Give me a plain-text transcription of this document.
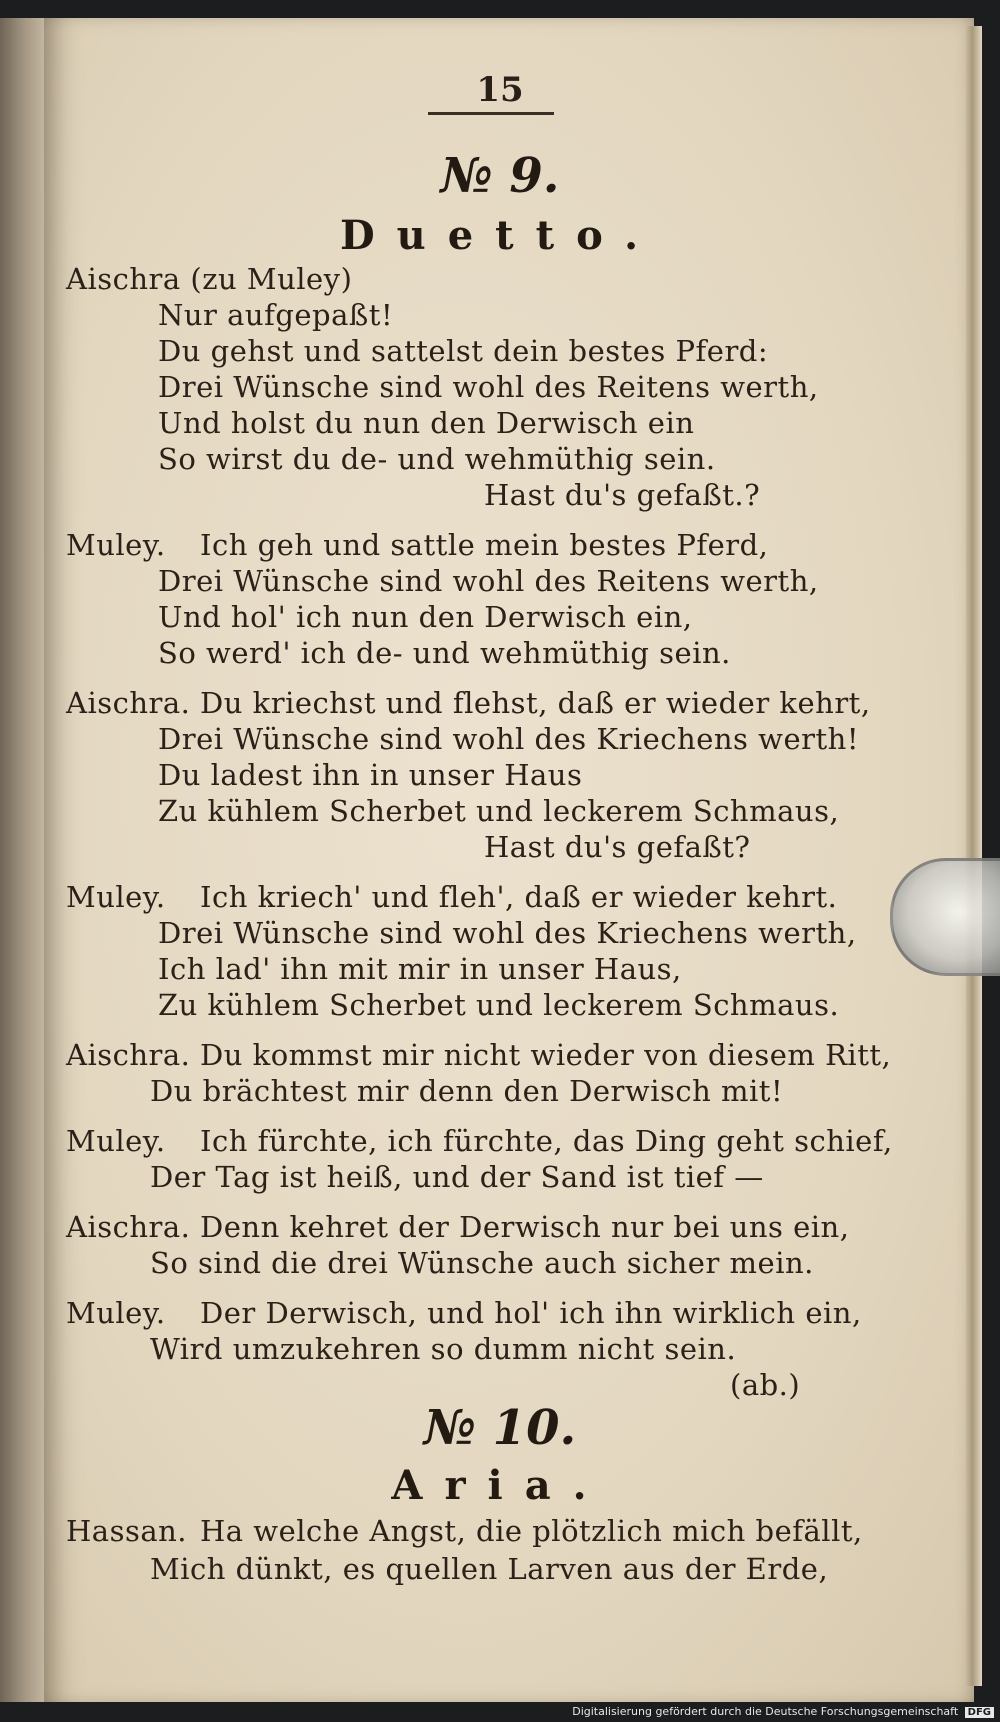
15
№ 9.
Duetto.
Aischra (zu Muley)
Nur aufgepaßt!
Du gehst und sattelst dein bestes Pferd:
Drei Wünsche sind wohl des Reitens werth,
Und holst du nun den Derwisch ein
So wirst du de- und wehmüthig sein.
Hast du's gefaßt.?
Muley. Ich geh und sattle mein bestes Pferd,
Drei Wünsche sind wohl des Reitens werth,
Und hol' ich nun den Derwisch ein,
So werd' ich de- und wehmüthig sein.
Aischra. Du kriechst und flehst, daß er wieder kehrt,
Drei Wünsche sind wohl des Kriechens werth!
Du ladest ihn in unser Haus
Zu kühlem Scherbet und leckerem Schmaus,
Hast du's gefaßt?
Muley. Ich kriech' und fleh', daß er wieder kehrt.
Drei Wünsche sind wohl des Kriechens werth,
Ich lad' ihn mit mir in unser Haus,
Zu kühlem Scherbet und leckerem Schmaus.
Aischra. Du kommst mir nicht wieder von diesem Ritt,
Du brächtest mir denn den Derwisch mit!
Muley. Ich fürchte, ich fürchte, das Ding geht schief,
Der Tag ist heiß, und der Sand ist tief —
Aischra. Denn kehret der Derwisch nur bei uns ein,
So sind die drei Wünsche auch sicher mein.
Muley. Der Derwisch, und hol' ich ihn wirklich ein,
Wird umzukehren so dumm nicht sein.
(ab.)
№ 10.
Aria.
Hassan. Ha welche Angst, die plötzlich mich befällt,
Mich dünkt, es quellen Larven aus der Erde,
Digitalisierung gefördert durch die Deutsche Forschungsgemeinschaft DFG
